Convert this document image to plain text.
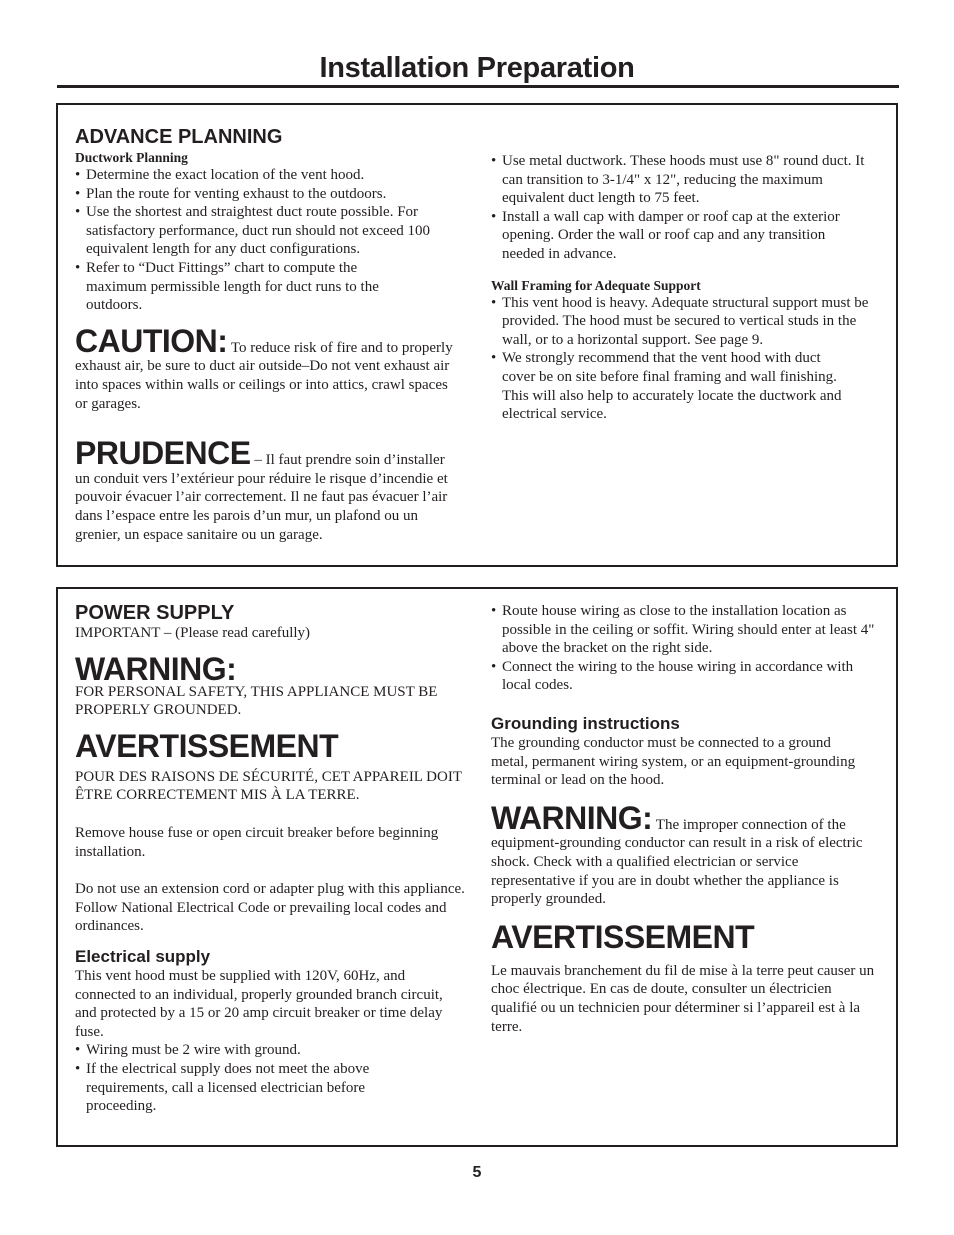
Installation Preparation
ADVANCE PLANNING

Ductwork Planning

• Determine the exact location of the vent hood.
• Plan the route for venting exhaust to the outdoors.
• Use the shortest and straightest duct route possible. For satisfactory performance, duct run should not exceed 100 equivalent length for any duct configurations.
• Refer to “Duct Fittings” chart to compute the maximum permissible length for duct runs to the outdoors.

CAUTION: To reduce risk of fire and to properly exhaust air, be sure to duct air outside–Do not vent exhaust air into spaces within walls or ceilings or into attics, crawl spaces or garages.

PRUDENCE – Il faut prendre soin d’installer un conduit vers l’extérieur pour réduire le risque d’incendie et pouvoir évacuer l’air correctement. Il ne faut pas évacuer l’air dans l’espace entre les parois d’un mur, un plafond ou un grenier, un espace sanitaire ou un garage.

• Use metal ductwork. These hoods must use 8" round duct. It can transition to 3-1/4" x 12", reducing the maximum equivalent duct length to 75 feet.
• Install a wall cap with damper or roof cap at the exterior opening. Order the wall or roof cap and any transition needed in advance.

Wall Framing for Adequate Support

• This vent hood is heavy. Adequate structural support must be provided. The hood must be secured to vertical studs in the wall, or to a horizontal support. See page 9.
• We strongly recommend that the vent hood with duct cover be on site before final framing and wall finishing. This will also help to accurately locate the ductwork and electrical service.
POWER SUPPLY

IMPORTANT – (Please read carefully)

WARNING:

FOR PERSONAL SAFETY, THIS APPLIANCE MUST BE PROPERLY GROUNDED.

AVERTISSEMENT

POUR DES RAISONS DE SÉCURITÉ, CET APPAREIL DOIT ÊTRE CORRECTEMENT MIS À LA TERRE.

Remove house fuse or open circuit breaker before beginning installation.

Do not use an extension cord or adapter plug with this appliance. Follow National Electrical Code or prevailing local codes and ordinances.

Electrical supply

This vent hood must be supplied with 120V, 60Hz, and connected to an individual, properly grounded branch circuit, and protected by a 15 or 20 amp circuit breaker or time delay fuse.

• Wiring must be 2 wire with ground.
• If the electrical supply does not meet the above requirements, call a licensed electrician before proceeding.
• Route house wiring as close to the installation location as possible in the ceiling or soffit. Wiring should enter at least 4" above the bracket on the right side.
• Connect the wiring to the house wiring in accordance with local codes.

Grounding instructions

The grounding conductor must be connected to a ground metal, permanent wiring system, or an equipment-grounding terminal or lead on the hood.

WARNING: The improper connection of the equipment-grounding conductor can result in a risk of electric shock. Check with a qualified electrician or service representative if you are in doubt whether the appliance is properly grounded.

AVERTISSEMENT

Le mauvais branchement du fil de mise à la terre peut causer un choc électrique. En cas de doute, consulter un électricien qualifié ou un technicien pour déterminer si l’appareil est à la terre.

5
